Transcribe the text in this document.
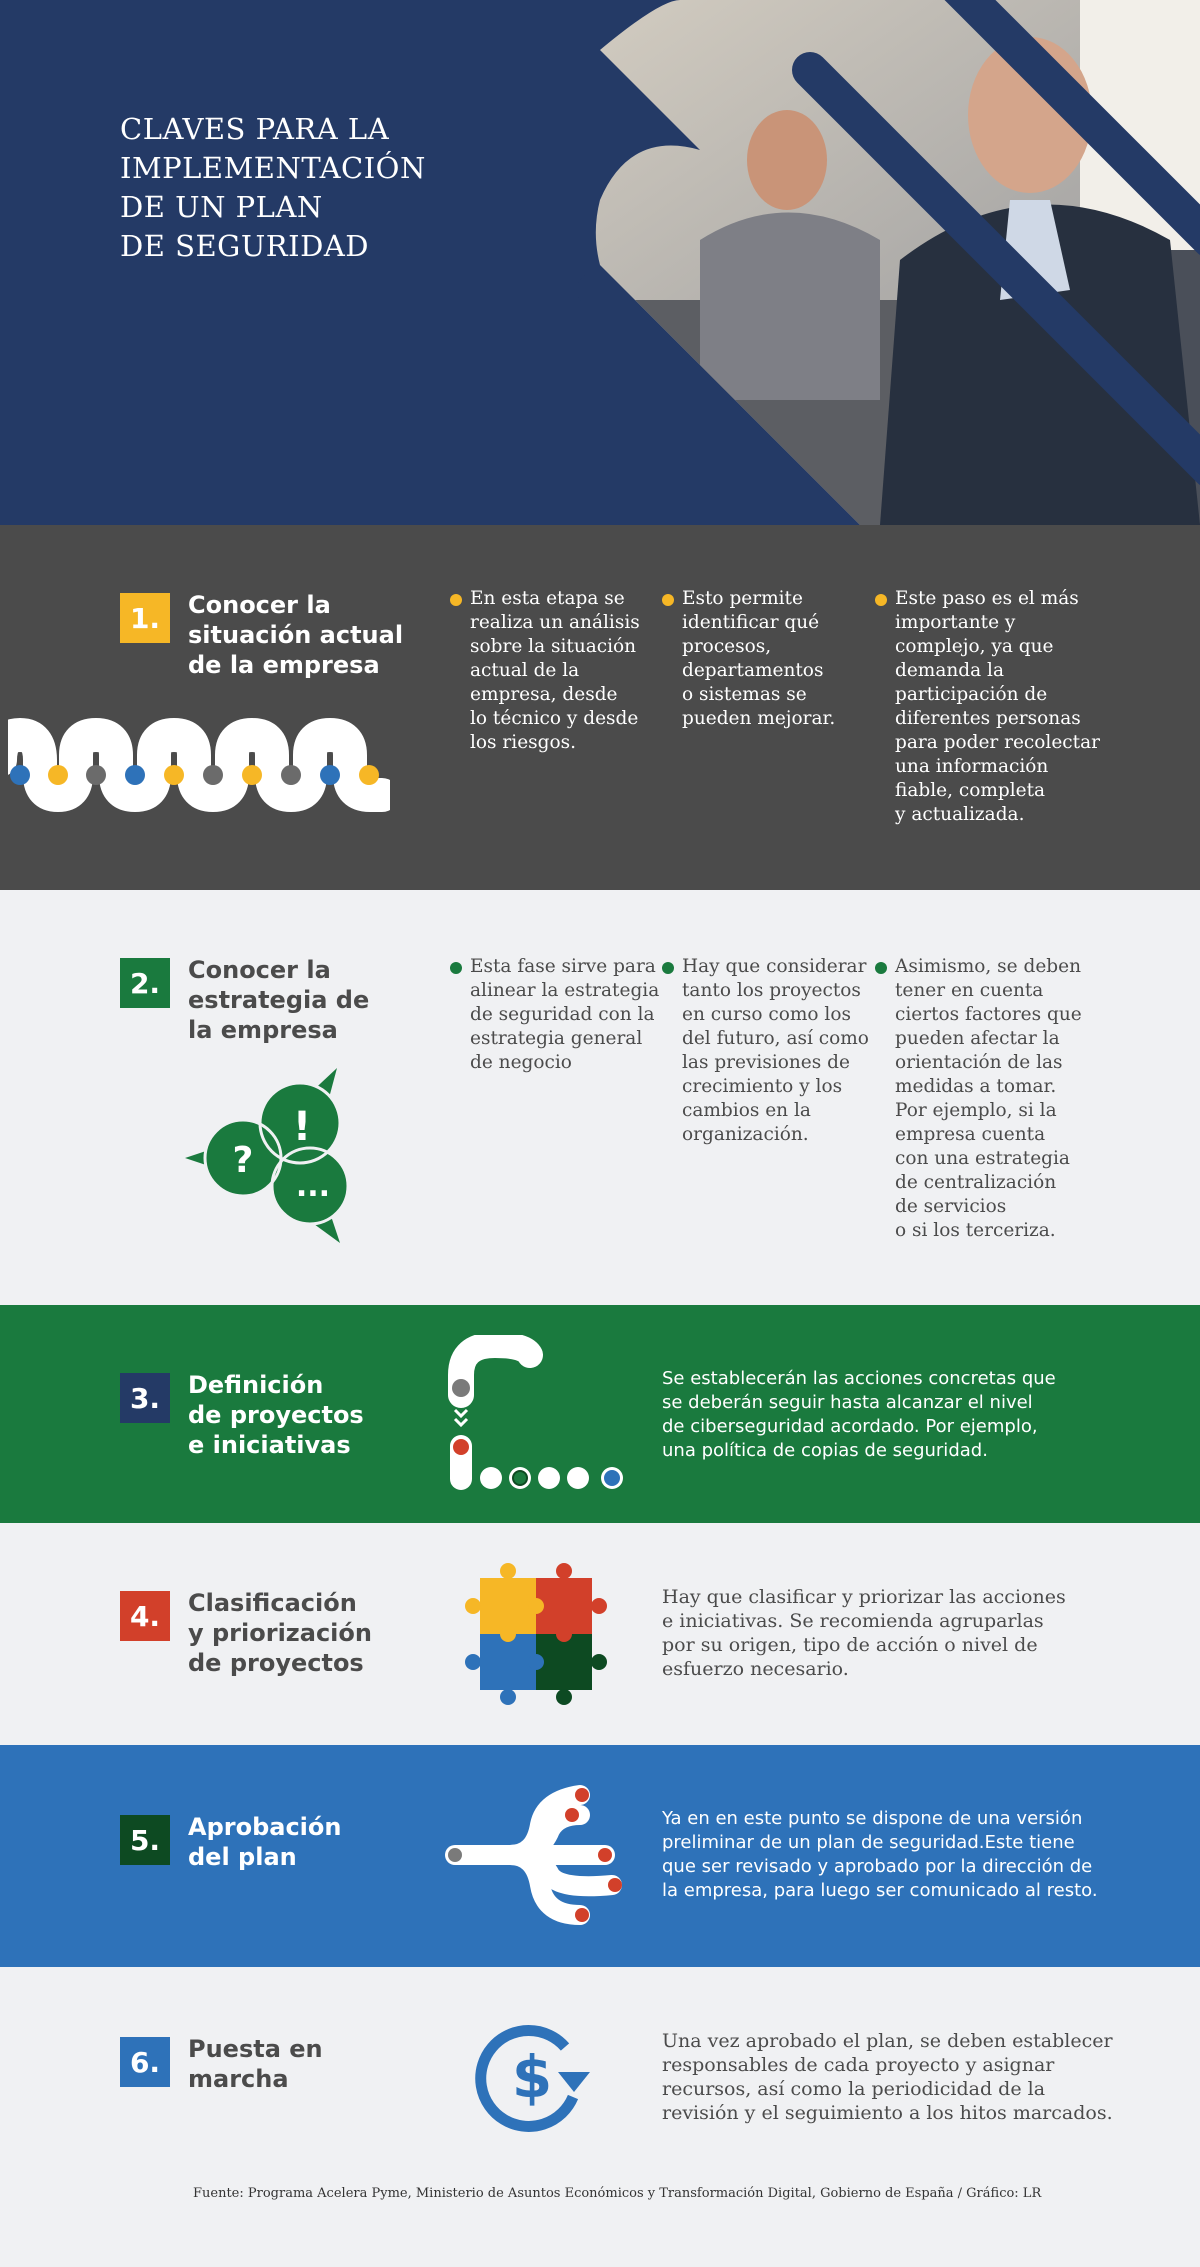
CLAVES PARA LA
IMPLEMENTACIÓN
DE UN PLAN
DE SEGURIDAD
1.	Conocer la
situación actual
de la empresa
En esta etapa se
realiza un análisis
sobre la situación
actual de la
empresa, desde
lo técnico y desde
los riesgos.
Esto permite
identificar qué
procesos,
departamentos
o sistemas se
pueden mejorar.
Este paso es el más
importante y
complejo, ya que
demanda la
participación de
diferentes personas
para poder recolectar
una información
fiable, completa
y actualizada.
2.	Conocer la
estrategia de
la empresa
?
!
...
Esta fase sirve para
alinear la estrategia
de seguridad con la
estrategia general
de negocio
Hay que considerar
tanto los proyectos
en curso como los
del futuro, así como
las previsiones de
crecimiento y los
cambios en la
organización.
Asimismo, se deben
tener en cuenta
ciertos factores que
pueden afectar la
orientación de las
medidas a tomar.
Por ejemplo, si la
empresa cuenta
con una estrategia
de centralización
de servicios
o si los terceriza.
3.	Definición
de proyectos
e iniciativas
Se establecerán las acciones concretas que
se deberán seguir hasta alcanzar el nivel
de ciberseguridad acordado. Por ejemplo,
una política de copias de seguridad.
4.	Clasificación
y priorización
de proyectos
Hay que clasificar y priorizar las acciones
e iniciativas. Se recomienda agruparlas
por su origen, tipo de acción o nivel de
esfuerzo necesario.
5.	Aprobación
del plan
Ya en en este punto se dispone de una versión
preliminar de un plan de seguridad.Este tiene
que ser revisado y aprobado por la dirección de
la empresa, para luego ser comunicado al resto.
6.	Puesta en
marcha	$
Una vez aprobado el plan, se deben establecer
responsables de cada proyecto y asignar
recursos, así como la periodicidad de la
revisión y el seguimiento a los hitos marcados.
Fuente: Programa Acelera Pyme, Ministerio de Asuntos Económicos y Transformación Digital, Gobierno de España / Gráfico: LR
